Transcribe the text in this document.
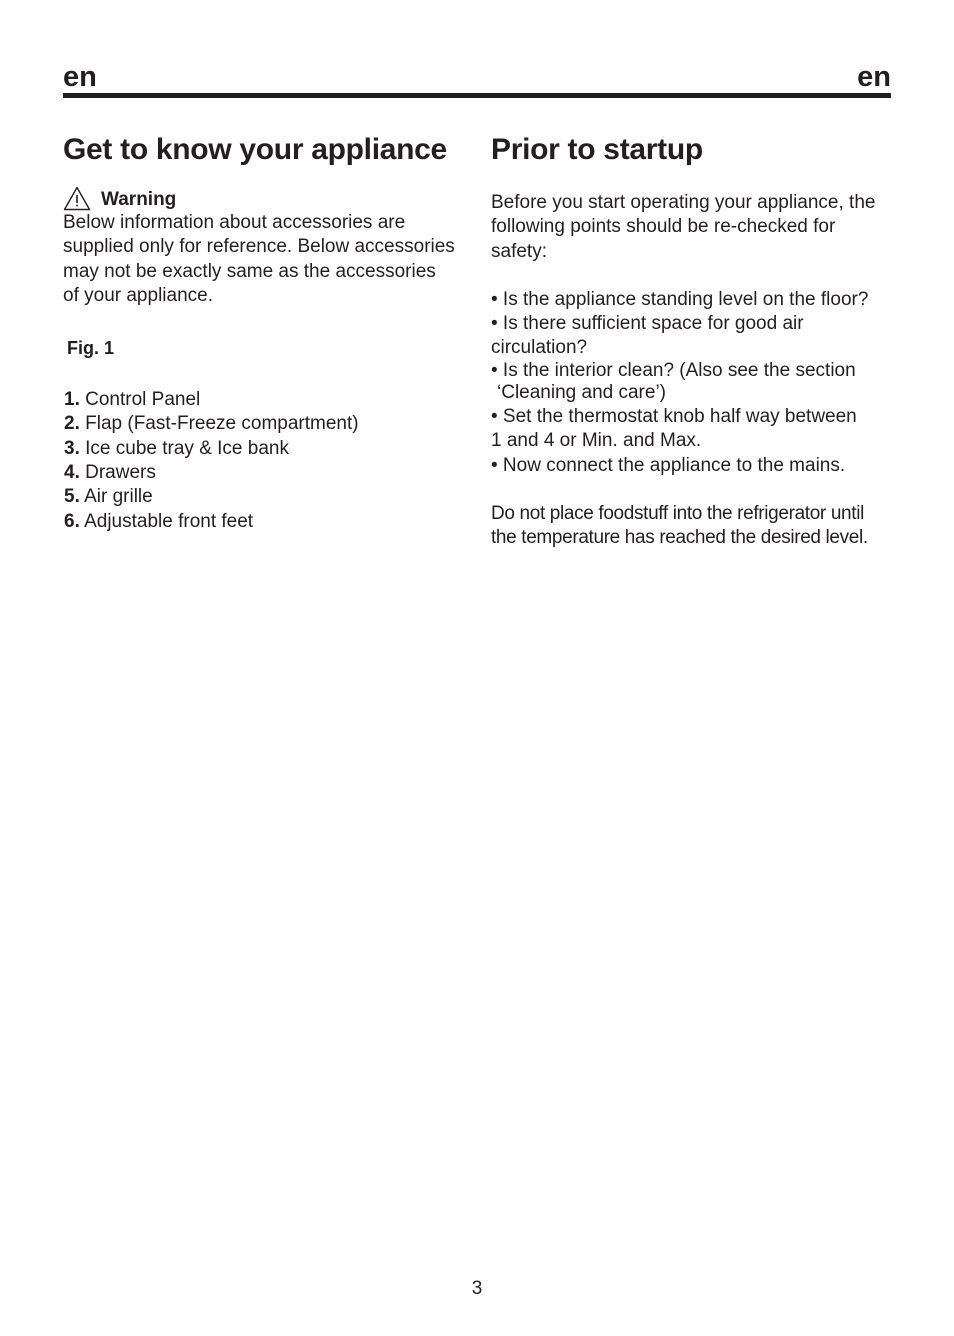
en	en
Get to know your appliance
Warning
Below information about accessories are
supplied only for reference. Below accessories
may not be exactly same as the accessories
of your appliance.
Fig. 1
1. Control Panel
2. Flap (Fast-Freeze compartment)
3. Ice cube tray & Ice bank
4. Drawers
5. Air grille
6. Adjustable front feet
Prior to startup
Before you start operating your appliance, the
following points should be re-checked for
safety:
• Is the appliance standing level on the floor?
• Is there sufficient space for good air
circulation?
• Is the interior clean? (Also see the section
‘Cleaning and care’)
• Set the thermostat knob half way between
1 and 4 or Min. and Max.
• Now connect the appliance to the mains.
Do not place foodstuff into the refrigerator until
the temperature has reached the desired level.
3
